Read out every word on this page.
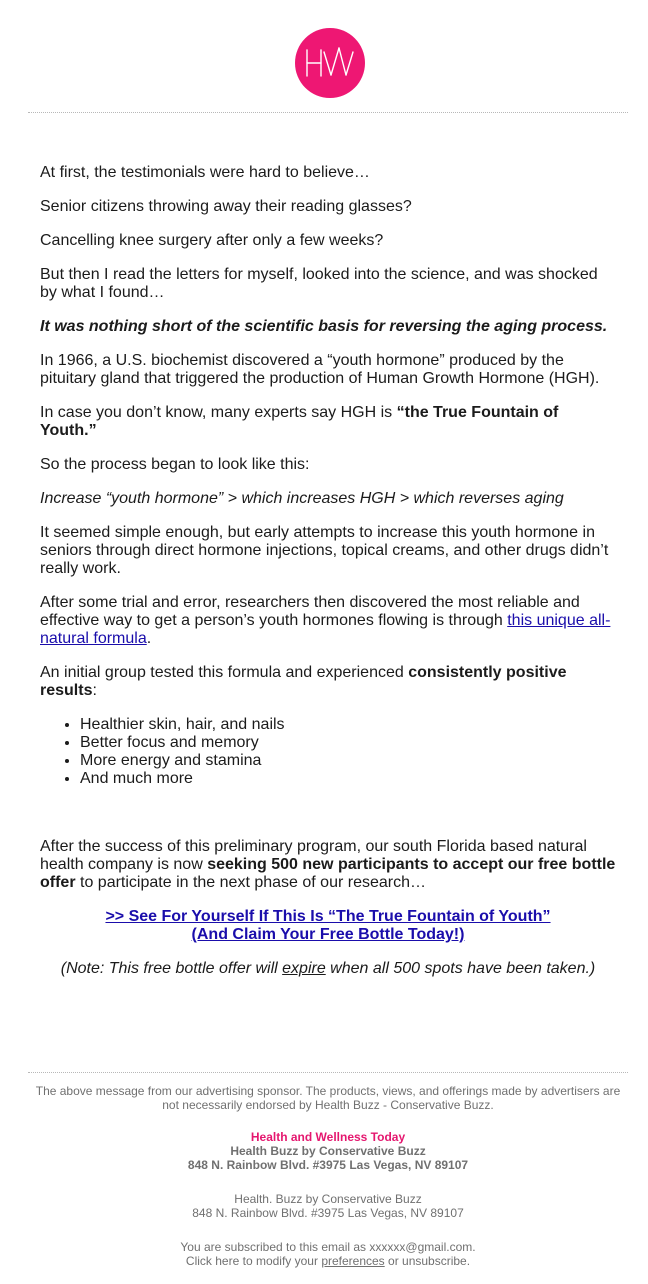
At first, the testimonials were hard to believe…

Senior citizens throwing away their reading glasses?

Cancelling knee surgery after only a few weeks?

But then I read the letters for myself, looked into the science, and was shocked by what I found…

It was nothing short of the scientific basis for reversing the aging process.

In 1966, a U.S. biochemist discovered a “youth hormone” produced by the pituitary gland that triggered the production of Human Growth Hormone (HGH).

In case you don’t know, many experts say HGH is “the True Fountain of Youth.”

So the process began to look like this:

Increase “youth hormone” > which increases HGH > which reverses aging

It seemed simple enough, but early attempts to increase this youth hormone in seniors through direct hormone injections, topical creams, and other drugs didn’t really work.

After some trial and error, researchers then discovered the most reliable and effective way to get a person’s youth hormones flowing is through this unique all-natural formula.

An initial group tested this formula and experienced consistently positive results:

• Healthier skin, hair, and nails
• Better focus and memory
• More energy and stamina
• And much more

After the success of this preliminary program, our south Florida based natural health company is now seeking 500 new participants to accept our free bottle offer to participate in the next phase of our research…

>> See For Yourself If This Is “The True Fountain of Youth”
(And Claim Your Free Bottle Today!)

(Note: This free bottle offer will expire when all 500 spots have been taken.)

The above message from our advertising sponsor. The products, views, and offerings made by advertisers are not necessarily endorsed by Health Buzz - Conservative Buzz.

Health and Wellness Today

Health Buzz by Conservative Buzz

848 N. Rainbow Blvd. #3975 Las Vegas, NV 89107

Health. Buzz by Conservative Buzz

848 N. Rainbow Blvd. #3975 Las Vegas, NV 89107

You are subscribed to this email as xxxxxx@gmail.com.

Click here to modify your preferences or unsubscribe.
